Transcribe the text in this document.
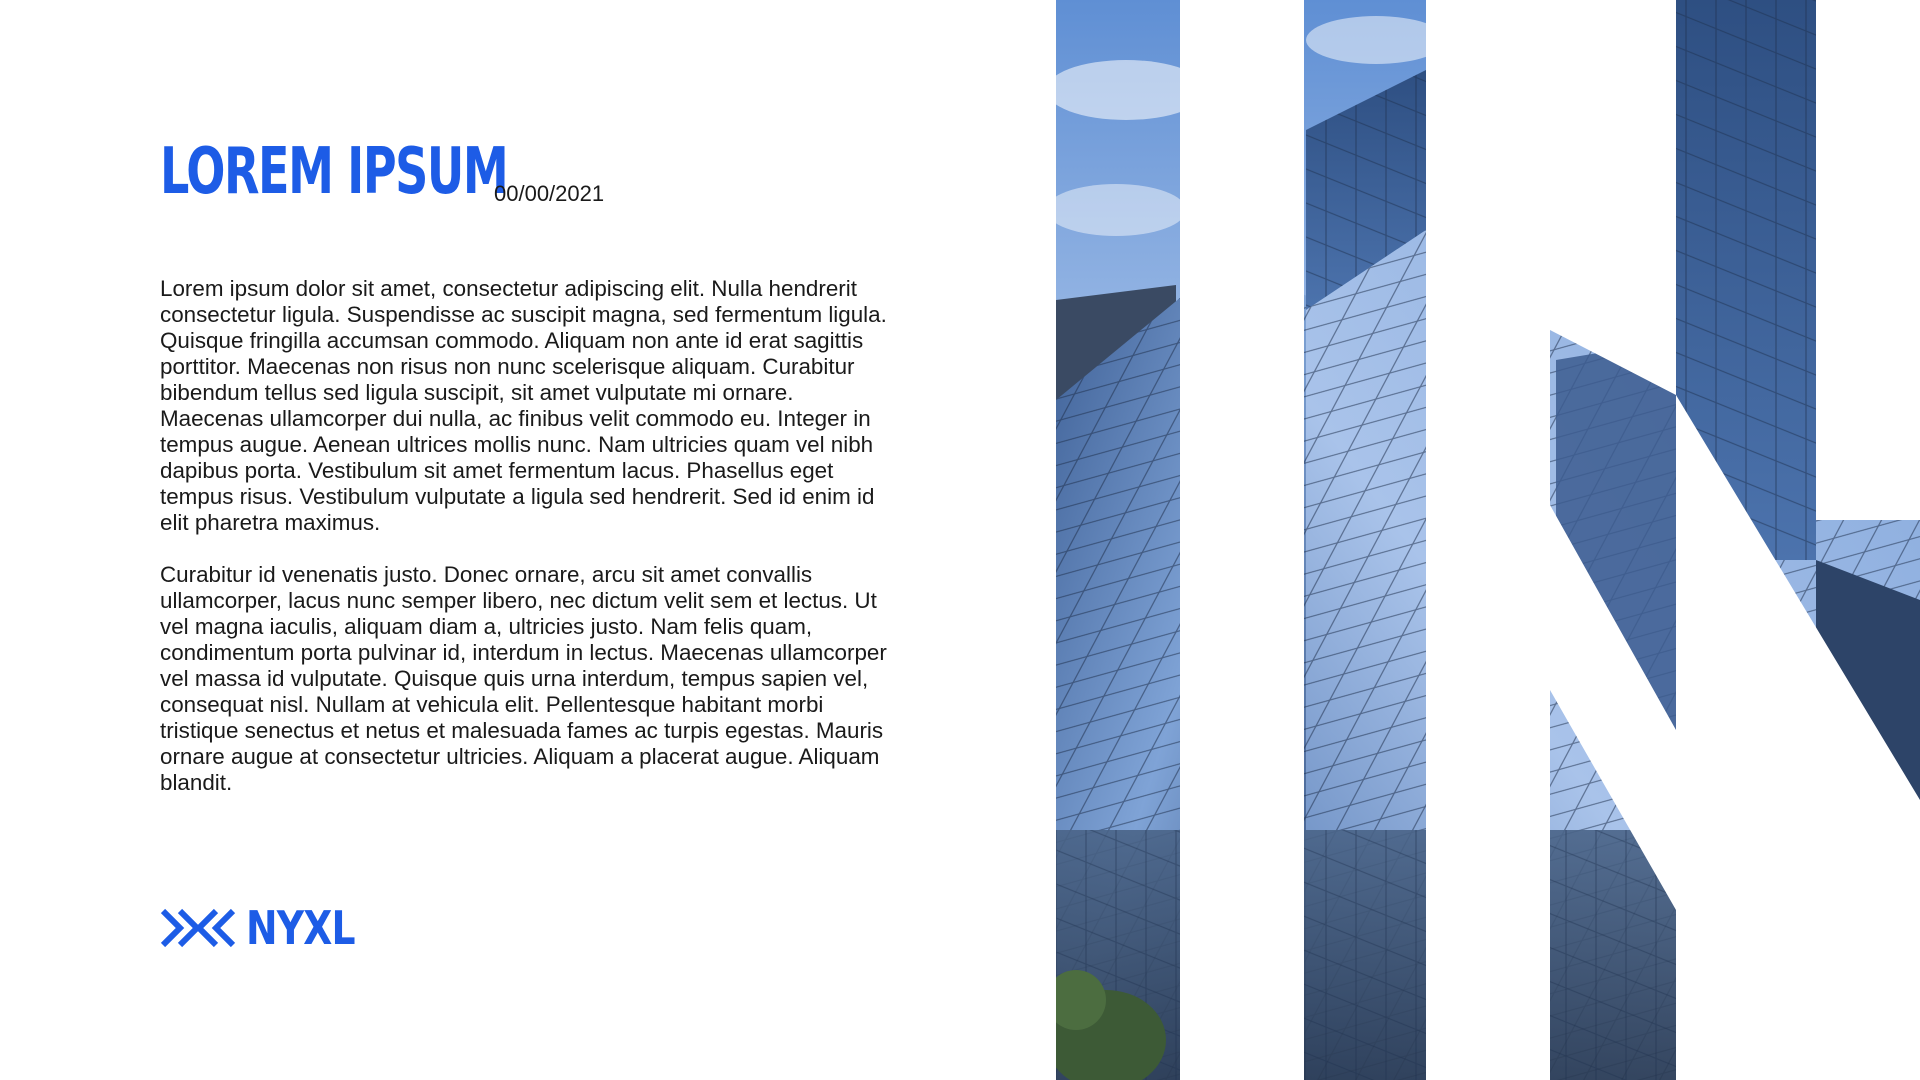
LOREM IPSUM
00/00/2021

Lorem ipsum dolor sit amet, consectetur adipiscing elit. Nulla hendrerit consectetur ligula. Suspendisse ac suscipit magna, sed fermentum ligula. Quisque fringilla accumsan commodo. Aliquam non ante id erat sagittis porttitor. Maecenas non risus non nunc scelerisque aliquam. Curabitur bibendum tellus sed ligula suscipit, sit amet vulputate mi ornare. Maecenas ullamcorper dui nulla, ac finibus velit commodo eu. Integer in tempus augue. Aenean ultrices mollis nunc. Nam ultricies quam vel nibh dapibus porta. Vestibulum sit amet fermentum lacus. Phasellus eget tempus risus. Vestibulum vulputate a ligula sed hendrerit. Sed id enim id elit pharetra maximus.

Curabitur id venenatis justo. Donec ornare, arcu sit amet convallis ullamcorper, lacus nunc semper libero, nec dictum velit sem et lectus. Ut vel magna iaculis, aliquam diam a, ultricies justo. Nam felis quam, condimentum porta pulvinar id, interdum in lectus. Maecenas ullamcorper vel massa id vulputate. Quisque quis urna interdum, tempus sapien vel, consequat nisl. Nullam at vehicula elit. Pellentesque habitant morbi tristique senectus et netus et malesuada fames ac turpis egestas. Mauris ornare augue at consectetur ultricies. Aliquam a placerat augue. Aliquam blandit.

NYXL
